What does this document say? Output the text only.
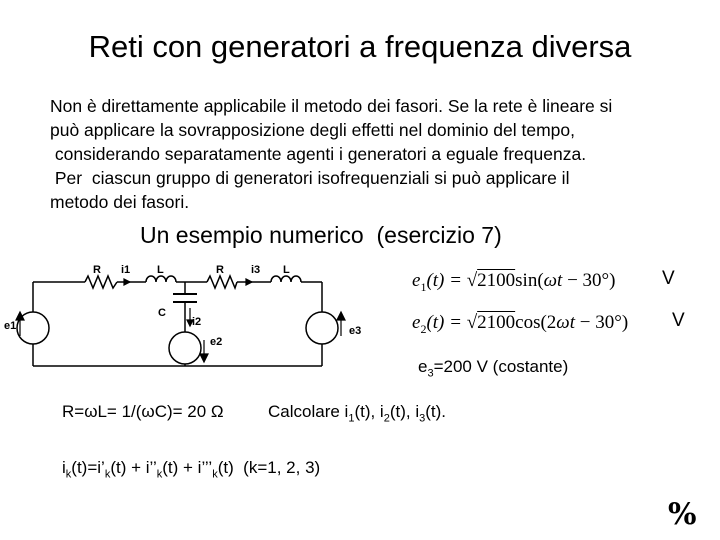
Reti con generatori a frequenza diversa
Non è direttamente applicabile il metodo dei fasori. Se la rete è lineare si
può applicare la sovrapposizione degli effetti nel dominio del tempo,
considerando separatamente agenti i generatori a eguale frequenza.
Per  ciascun gruppo di generatori isofrequenziali si può applicare il
metodo dei fasori.
Un esempio numerico  (esercizio 7)
R i1 L	R i3 L
C
i2
e1
e2
e3
$e_1(t) = √2100\sin(\omega t - 30^\circ)$ V
$e_2(t) = √2100\cos(2\omega t - 30^\circ)$ V
$e_3=200$ V (costante)
R=ωL= 1/(ωC)= 20 Ω	Calcolare $i_1(t)$, $i_2(t)$, $i_3(t)$.
$i_k(t)=i’_k(t)$ + $i’’_k(t)$ + $i’’’_k(t)$  (k=1, 2, 3)
%
